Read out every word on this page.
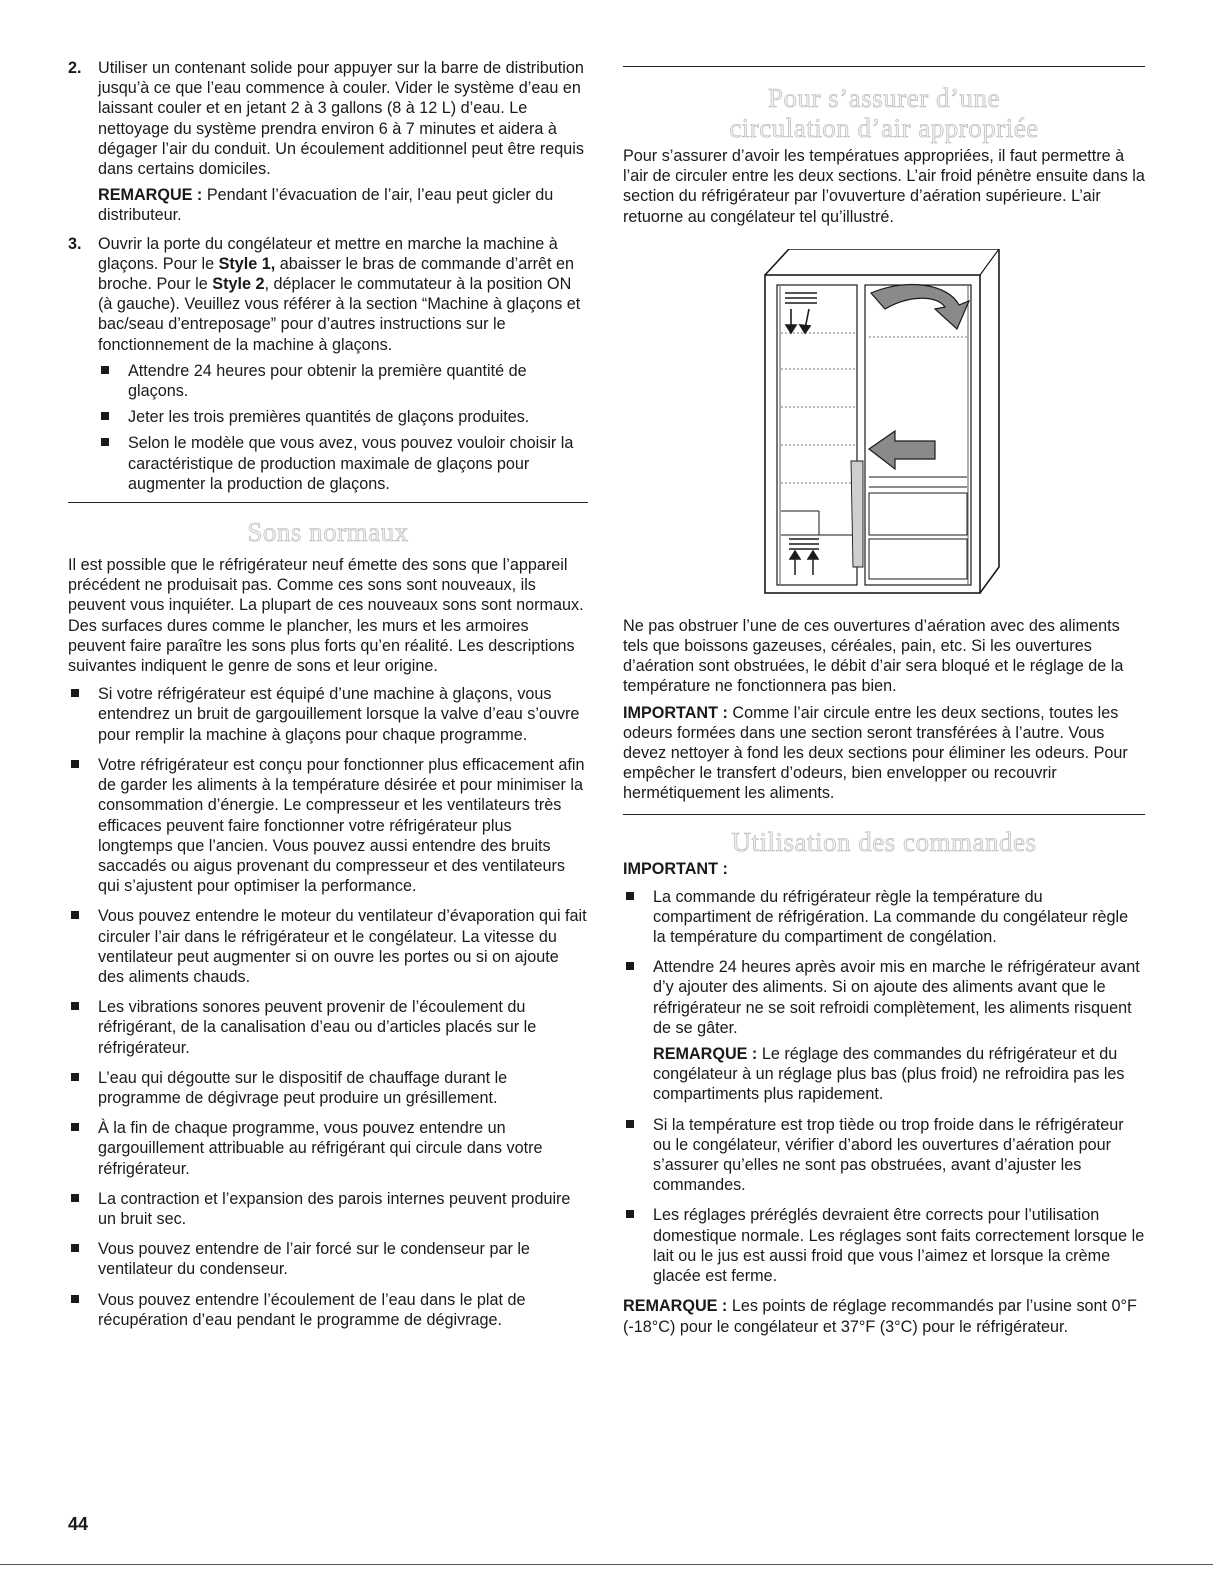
2. Utiliser un contenant solide pour appuyer sur la barre de distribution jusqu’à ce que l’eau commence à couler. Vider le système d’eau en laissant couler et en jetant 2 à 3 gallons (8 à 12 L) d’eau. Le nettoyage du système prendra environ 6 à 7 minutes et aidera à dégager l’air du conduit. Un écoulement additionnel peut être requis dans certains domiciles.

REMARQUE : Pendant l’évacuation de l’air, l’eau peut gicler du distributeur.

3. Ouvrir la porte du congélateur et mettre en marche la machine à glaçons. Pour le Style 1, abaisser le bras de commande d’arrêt en broche. Pour le Style 2, déplacer le commutateur à la position ON (à gauche). Veuillez vous référer à la section “Machine à glaçons et bac/seau d’entreposage” pour d’autres instructions sur le fonctionnement de la machine à glaçons.

Attendre 24 heures pour obtenir la première quantité de glaçons.
Jeter les trois premières quantités de glaçons produites.
Selon le modèle que vous avez, vous pouvez vouloir choisir la caractéristique de production maximale de glaçons pour augmenter la production de glaçons.
Sons normaux

Il est possible que le réfrigérateur neuf émette des sons que l’appareil précédent ne produisait pas. Comme ces sons sont nouveaux, ils peuvent vous inquiéter. La plupart de ces nouveaux sons sont normaux. Des surfaces dures comme le plancher, les murs et les armoires peuvent faire paraître les sons plus forts qu’en réalité. Les descriptions suivantes indiquent le genre de sons et leur origine.

Si votre réfrigérateur est équipé d’une machine à glaçons, vous entendrez un bruit de gargouillement lorsque la valve d’eau s’ouvre pour remplir la machine à glaçons pour chaque programme.
Votre réfrigérateur est conçu pour fonctionner plus efficacement afin de garder les aliments à la température désirée et pour minimiser la consommation d’énergie. Le compresseur et les ventilateurs très efficaces peuvent faire fonctionner votre réfrigérateur plus longtemps que l’ancien. Vous pouvez aussi entendre des bruits saccadés ou aigus provenant du compresseur et des ventilateurs qui s’ajustent pour optimiser la performance.
Vous pouvez entendre le moteur du ventilateur d’évaporation qui fait circuler l’air dans le réfrigérateur et le congélateur. La vitesse du ventilateur peut augmenter si on ouvre les portes ou si on ajoute des aliments chauds.
Les vibrations sonores peuvent provenir de l’écoulement du réfrigérant, de la canalisation d’eau ou d’articles placés sur le réfrigérateur.
L’eau qui dégoutte sur le dispositif de chauffage durant le programme de dégivrage peut produire un grésillement.
À la fin de chaque programme, vous pouvez entendre un gargouillement attribuable au réfrigérant qui circule dans votre réfrigérateur.
La contraction et l’expansion des parois internes peuvent produire un bruit sec.
Vous pouvez entendre de l’air forcé sur le condenseur par le ventilateur du condenseur.
Vous pouvez entendre l’écoulement de l’eau dans le plat de récupération d’eau pendant le programme de dégivrage.
Pour s’assurer d’une
circulation d’air appropriée

Pour s’assurer d’avoir les températues appropriées, il faut permettre à l’air de circuler entre les deux sections. L’air froid pénètre ensuite dans la section du réfrigérateur par l’ovuverture d’aération supérieure. L’air retuorne au congélateur tel qu’illustré.

Ne pas obstruer l’une de ces ouvertures d’aération avec des aliments tels que boissons gazeuses, céréales, pain, etc. Si les ouvertures d’aération sont obstruées, le débit d’air sera bloqué et le réglage de la température ne fonctionnera pas bien.

IMPORTANT : Comme l’air circule entre les deux sections, toutes les odeurs formées dans une section seront transférées à l’autre. Vous devez nettoyer à fond les deux sections pour éliminer les odeurs. Pour empêcher le transfert d’odeurs, bien envelopper ou recouvrir hermétiquement les aliments.

Utilisation des commandes

IMPORTANT :

La commande du réfrigérateur règle la température du compartiment de réfrigération. La commande du congélateur règle la température du compartiment de congélation.
Attendre 24 heures après avoir mis en marche le réfrigérateur avant d’y ajouter des aliments. Si on ajoute des aliments avant que le réfrigérateur ne se soit refroidi complètement, les aliments risquent de se gâter.

REMARQUE : Le réglage des commandes du réfrigérateur et du congélateur à un réglage plus bas (plus froid) ne refroidira pas les compartiments plus rapidement.

Si la température est trop tiède ou trop froide dans le réfrigérateur ou le congélateur, vérifier d’abord les ouvertures d’aération pour s’assurer qu’elles ne sont pas obstruées, avant d’ajuster les commandes.
Les réglages préréglés devraient être corrects pour l’utilisation domestique normale. Les réglages sont faits correctement lorsque le lait ou le jus est aussi froid que vous l’aimez et lorsque la crème glacée est ferme.

REMARQUE : Les points de réglage recommandés par l’usine sont 0°F (-18°C) pour le congélateur et 37°F (3°C) pour le réfrigérateur.

44
